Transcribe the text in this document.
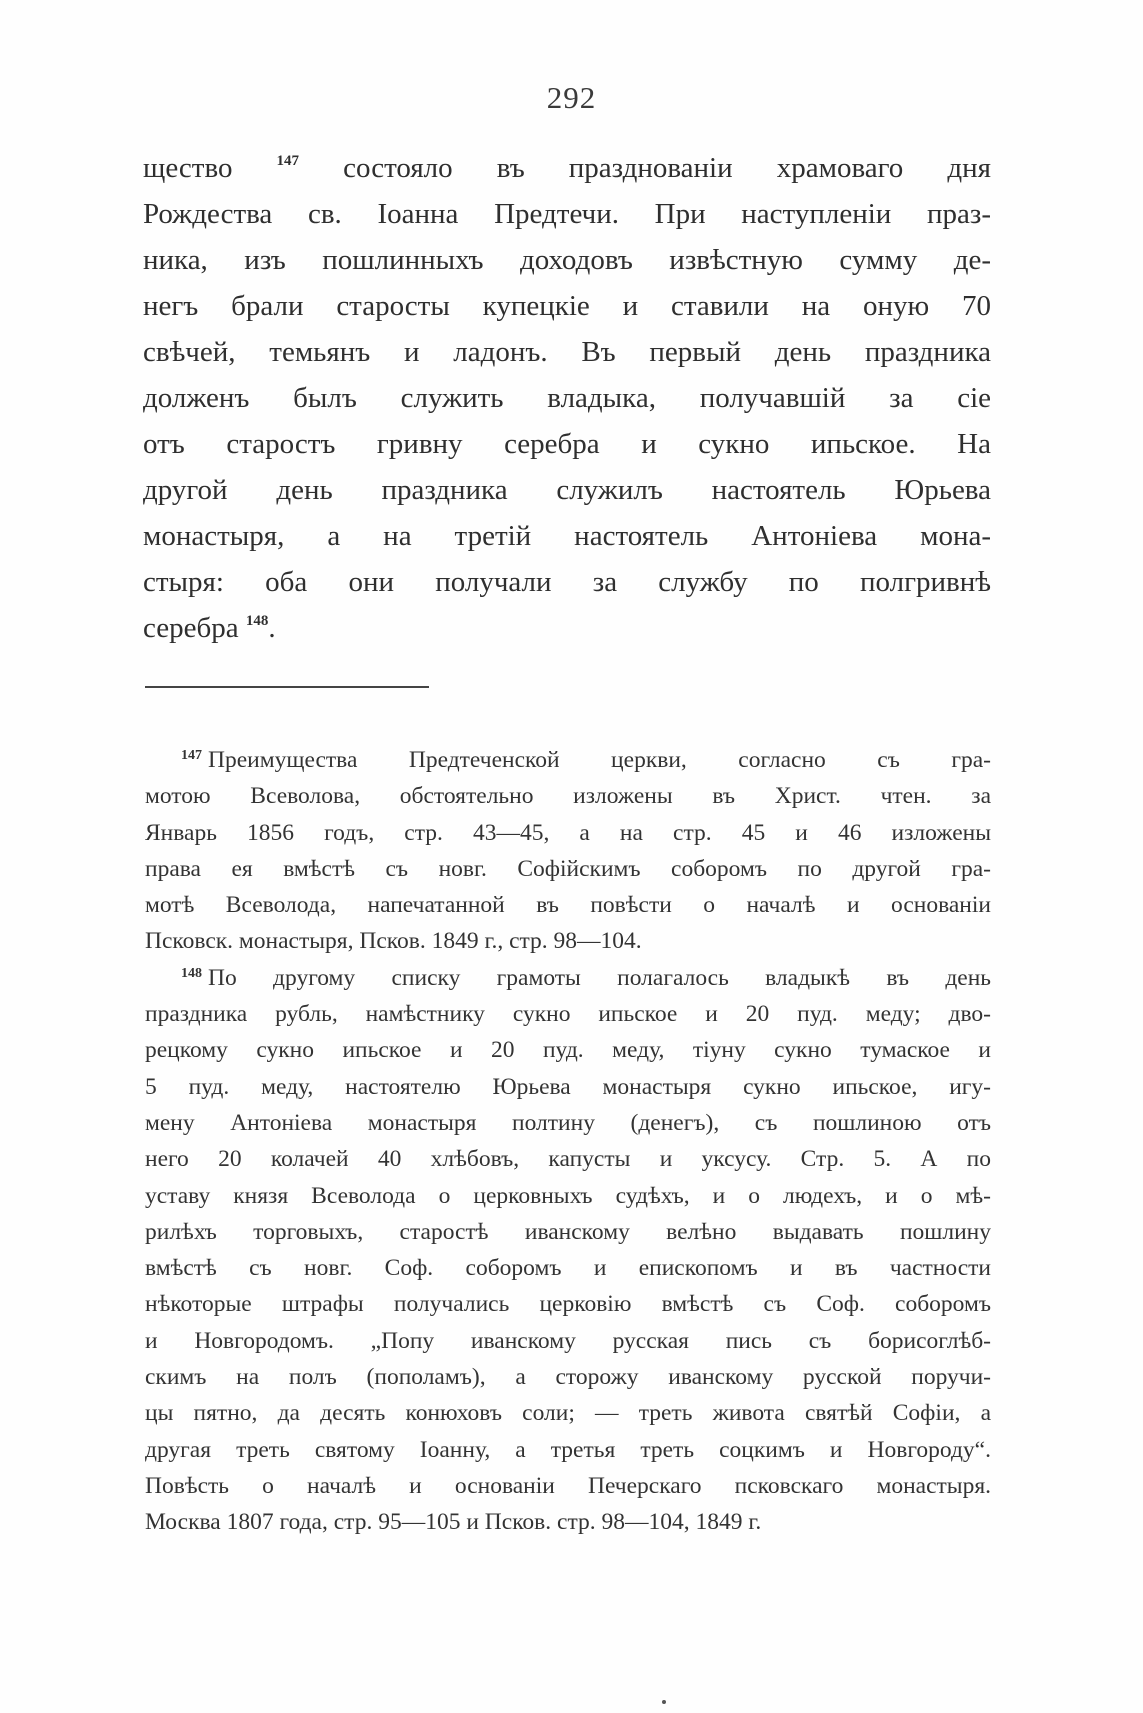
292
щество $^{147}$ состояло въ празднованіи храмоваго дня
Рождества св. Іоанна Предтечи. При наступленіи праз-
ника, изъ пошлинныхъ доходовъ извѣстную сумму де-
негъ брали старосты купецкіе и ставили на оную 70
свѣчей, темьянъ и ладонъ. Въ первый день праздника
долженъ былъ служить владыка, получавшій за сіе
отъ старостъ гривну серебра и сукно ипьское. На
другой день праздника служилъ настоятель Юрьева
монастыря, а на третій настоятель Антоніева мона-
стыря: оба они получали за службу по полгривнѣ
серебра $^{148}$.
$^{147}$ Преимущества Предтеченской церкви, согласно съ гра-
мотою Всеволова, обстоятельно изложены въ Христ. чтен. за
Январь 1856 годъ, стр. 43—45, а на стр. 45 и 46 изложены
права ея вмѣстѣ съ новг. Софійскимъ соборомъ по другой гра-
мотѣ Всеволода, напечатанной въ повѣсти о началѣ и основаніи
Псковск. монастыря, Псков. 1849 г., стр. 98—104.
$^{148}$ По другому списку грамоты полагалось владыкѣ въ день
праздника рубль, намѣстнику сукно ипьское и 20 пуд. меду; дво-
рецкому сукно ипьское и 20 пуд. меду, тіуну сукно тумаское и
5 пуд. меду, настоятелю Юрьева монастыря сукно ипьское, игу-
мену Антоніева монастыря полтину (денегъ), съ пошлиною отъ
него 20 колачей 40 хлѣбовъ, капусты и уксусу. Стр. 5. А по
уставу князя Всеволода о церковныхъ судѣхъ, и о людехъ, и о мѣ-
рилѣхъ торговыхъ, старостѣ иванскому велѣно выдавать пошлину
вмѣстѣ съ новг. Соф. соборомъ и епископомъ и въ частности
нѣкоторые штрафы получались церковію вмѣстѣ съ Соф. соборомъ
и Новгородомъ. „Попу иванскому русская пись съ борисоглѣб-
скимъ на полъ (пополамъ), а сторожу иванскому русской поручи-
цы пятно, да десять конюховъ соли; — треть живота святѣй Софіи, а
другая треть святому Іоанну, а третья треть соцкимъ и Новгороду“.
Повѣсть о началѣ и основаніи Печерскаго псковскаго монастыря.
Москва 1807 года, стр. 95—105 и Псков. стр. 98—104, 1849 г.
